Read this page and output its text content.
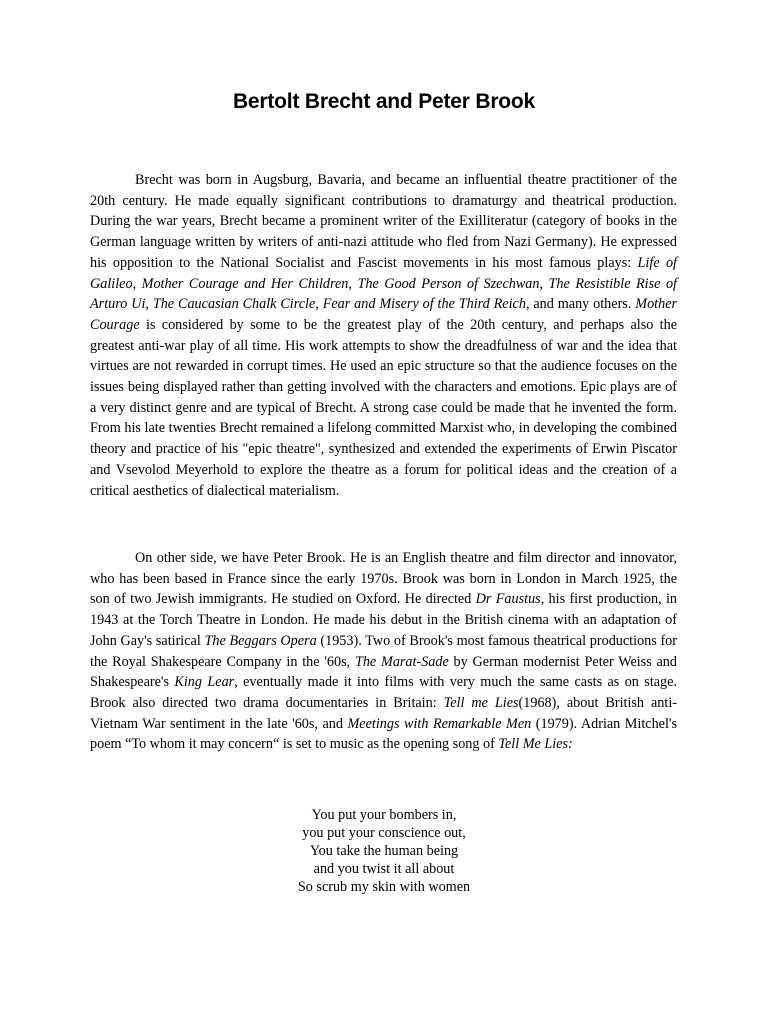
Bertolt Brecht and Peter Brook

Brecht was born in Augsburg, Bavaria, and became an influential theatre practitioner of the 20th century. He made equally significant contributions to dramaturgy and theatrical production. During the war years, Brecht became a prominent writer of the Exilliteratur (category of books in the German language written by writers of anti-nazi attitude who fled from Nazi Germany). He expressed his opposition to the National Socialist and Fascist movements in his most famous plays: Life of Galileo, Mother Courage and Her Children, The Good Person of Szechwan, The Resistible Rise of Arturo Ui, The Caucasian Chalk Circle, Fear and Misery of the Third Reich, and many others. Mother Courage is considered by some to be the greatest play of the 20th century, and perhaps also the greatest anti-war play of all time. His work attempts to show the dreadfulness of war and the idea that virtues are not rewarded in corrupt times. He used an epic structure so that the audience focuses on the issues being displayed rather than getting involved with the characters and emotions. Epic plays are of a very distinct genre and are typical of Brecht. A strong case could be made that he invented the form. From his late twenties Brecht remained a lifelong committed Marxist who, in developing the combined theory and practice of his "epic theatre", synthesized and extended the experiments of Erwin Piscator and Vsevolod Meyerhold to explore the theatre as a forum for political ideas and the creation of a critical aesthetics of dialectical materialism.

On other side, we have Peter Brook. He is an English theatre and film director and innovator, who has been based in France since the early 1970s. Brook was born in London in March 1925, the son of two Jewish immigrants. He studied on Oxford. He directed Dr Faustus, his first production, in 1943 at the Torch Theatre in London. He made his debut in the British cinema with an adaptation of John Gay's satirical The Beggars Opera (1953). Two of Brook's most famous theatrical productions for the Royal Shakespeare Company in the '60s, The Marat-Sade by German modernist Peter Weiss and Shakespeare's King Lear, eventually made it into films with very much the same casts as on stage. Brook also directed two drama documentaries in Britain: Tell me Lies(1968), about British anti-Vietnam War sentiment in the late '60s, and Meetings with Remarkable Men (1979). Adrian Mitchel's poem “To whom it may concern“ is set to music as the opening song of Tell Me Lies:

You put your bombers in,
you put your conscience out,
You take the human being
and you twist it all about
So scrub my skin with women
